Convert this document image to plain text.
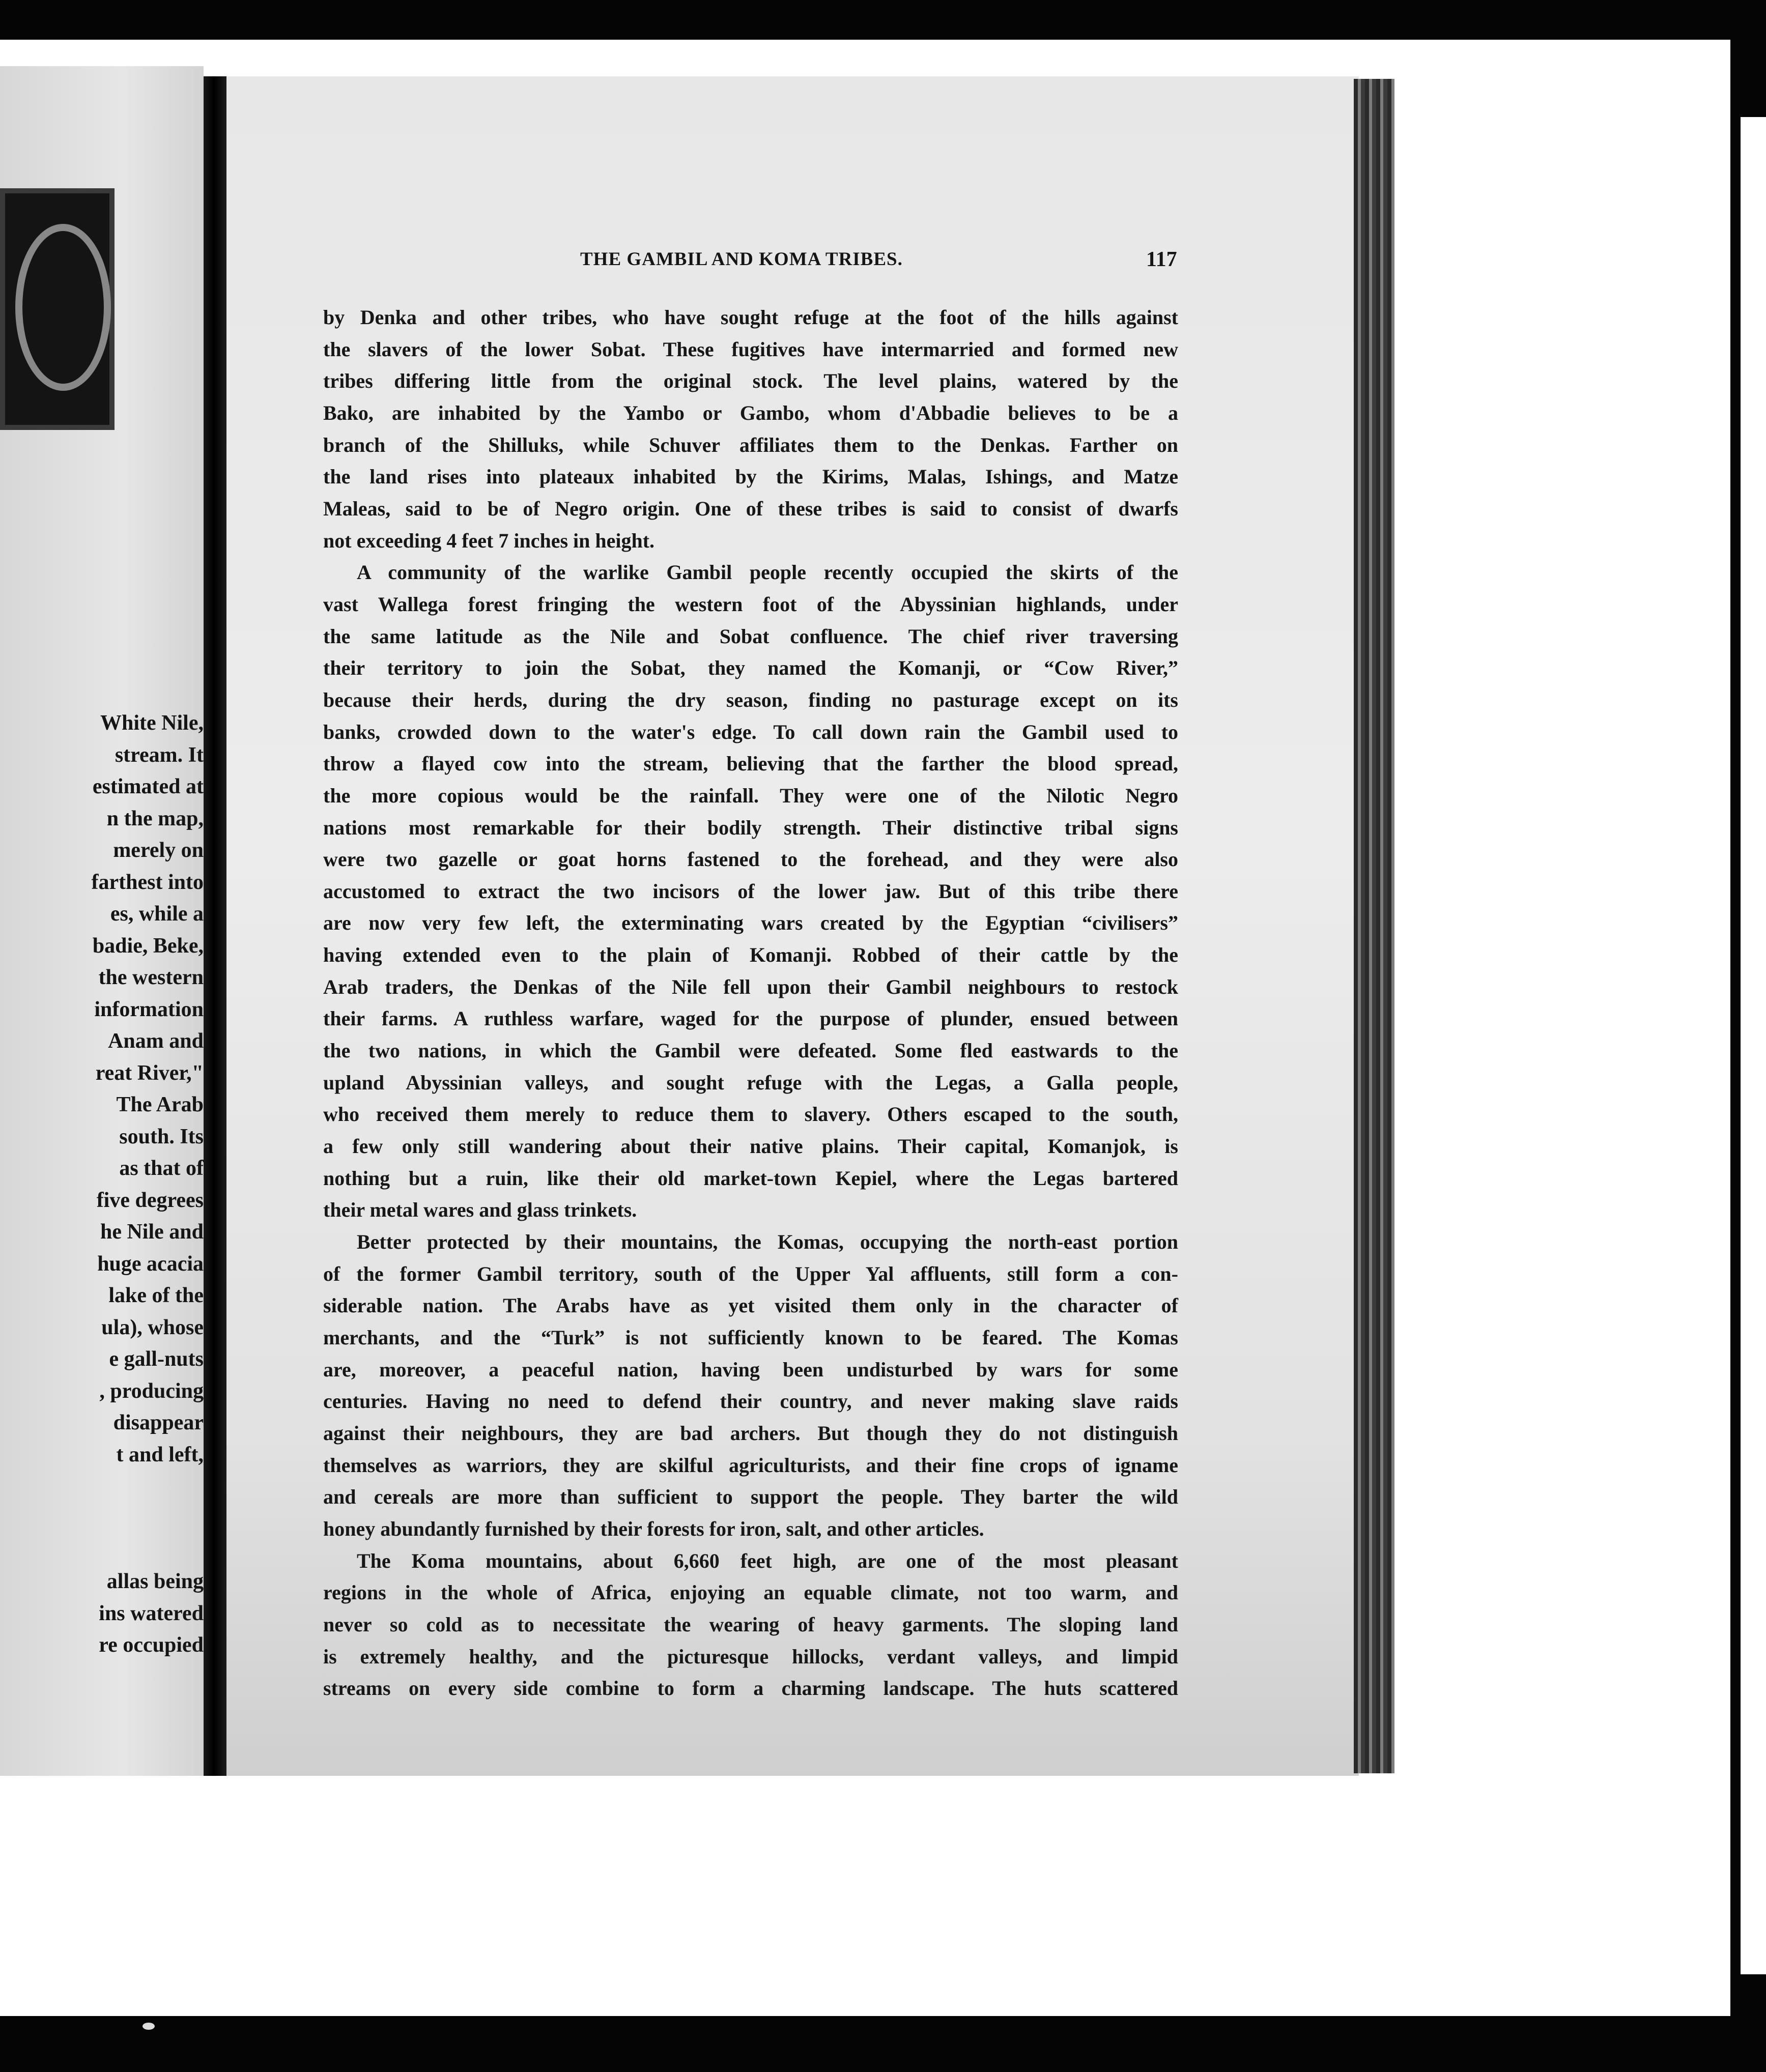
White Nile,
stream. It
estimated at
n the map,
merely on
farthest into
es, while a
badie, Beke,
the western
information
Anam and
reat River,"
The Arab
south. Its
as that of
five degrees
he Nile and
huge acacia
lake of the
ula), whose
e gall-nuts
, producing
disappear
t and left,
allas being
ins watered
re occupied
THE GAMBIL AND KOMA TRIBES.	117

by Denka and other tribes, who have sought refuge at the foot of the hills against

the slavers of the lower Sobat. These fugitives have intermarried and formed new

tribes differing little from the original stock. The level plains, watered by the

Bako, are inhabited by the Yambo or Gambo, whom d'Abbadie believes to be a

branch of the Shilluks, while Schuver affiliates them to the Denkas. Farther on

the land rises into plateaux inhabited by the Kirims, Malas, Ishings, and Matze

Maleas, said to be of Negro origin. One of these tribes is said to consist of dwarfs

not exceeding 4 feet 7 inches in height.

A community of the warlike Gambil people recently occupied the skirts of the

vast Wallega forest fringing the western foot of the Abyssinian highlands, under

the same latitude as the Nile and Sobat confluence. The chief river traversing

their territory to join the Sobat, they named the Komanji, or “Cow River,”

because their herds, during the dry season, finding no pasturage except on its

banks, crowded down to the water's edge. To call down rain the Gambil used to

throw a flayed cow into the stream, believing that the farther the blood spread,

the more copious would be the rainfall. They were one of the Nilotic Negro

nations most remarkable for their bodily strength. Their distinctive tribal signs

were two gazelle or goat horns fastened to the forehead, and they were also

accustomed to extract the two incisors of the lower jaw. But of this tribe there

are now very few left, the exterminating wars created by the Egyptian “civilisers”

having extended even to the plain of Komanji. Robbed of their cattle by the

Arab traders, the Denkas of the Nile fell upon their Gambil neighbours to restock

their farms. A ruthless warfare, waged for the purpose of plunder, ensued between

the two nations, in which the Gambil were defeated. Some fled eastwards to the

upland Abyssinian valleys, and sought refuge with the Legas, a Galla people,

who received them merely to reduce them to slavery. Others escaped to the south,

a few only still wandering about their native plains. Their capital, Komanjok, is

nothing but a ruin, like their old market-town Kepiel, where the Legas bartered

their metal wares and glass trinkets.

Better protected by their mountains, the Komas, occupying the north-east portion

of the former Gambil territory, south of the Upper Yal affluents, still form a con-

siderable nation. The Arabs have as yet visited them only in the character of

merchants, and the “Turk” is not sufficiently known to be feared. The Komas

are, moreover, a peaceful nation, having been undisturbed by wars for some

centuries. Having no need to defend their country, and never making slave raids

against their neighbours, they are bad archers. But though they do not distinguish

themselves as warriors, they are skilful agriculturists, and their fine crops of igname

and cereals are more than sufficient to support the people. They barter the wild

honey abundantly furnished by their forests for iron, salt, and other articles.

The Koma mountains, about 6,660 feet high, are one of the most pleasant

regions in the whole of Africa, enjoying an equable climate, not too warm, and

never so cold as to necessitate the wearing of heavy garments. The sloping land

is extremely healthy, and the picturesque hillocks, verdant valleys, and limpid

streams on every side combine to form a charming landscape. The huts scattered
